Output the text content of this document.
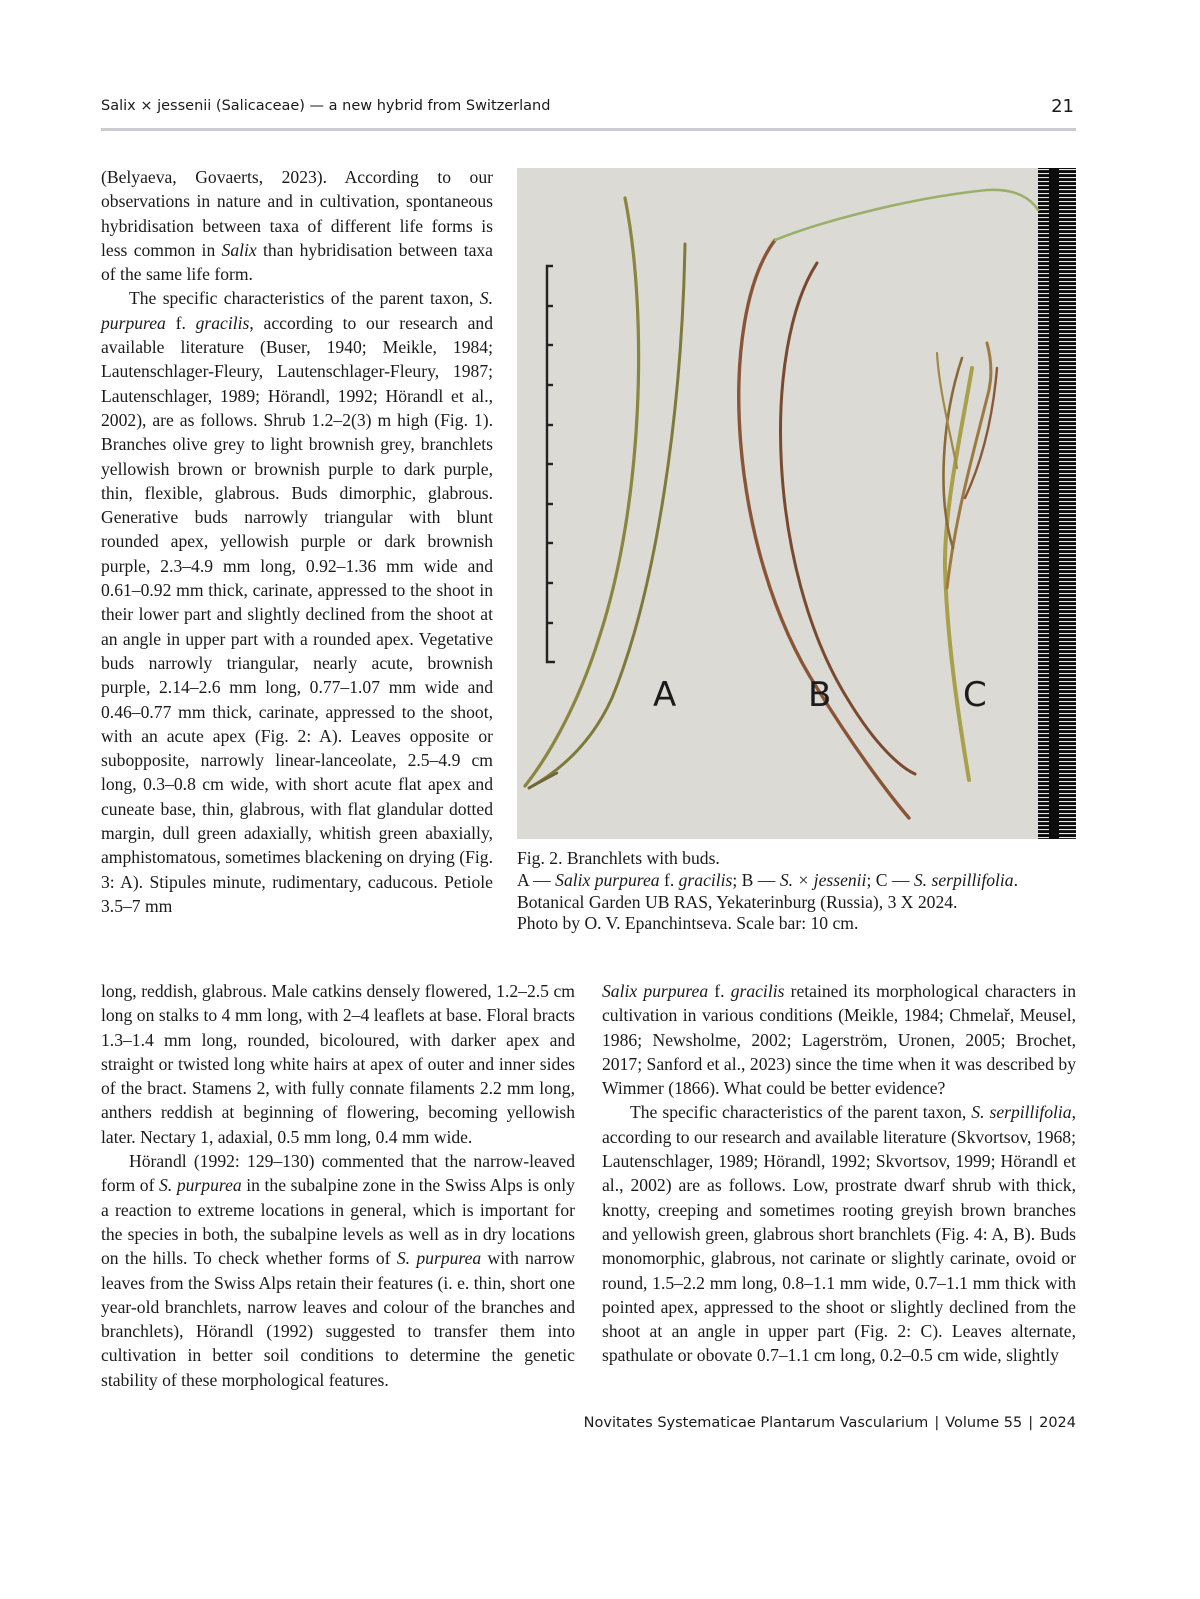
Salix × jessenii (Salicaceae) — a new hybrid from Switzerland	21

(Belyaeva, Govaerts, 2023). According to our observations in nature and in cultivation, spontaneous hybridisation between taxa of different life forms is less common in Salix than hybridisation between taxa of the same life form.

The specific characteristics of the parent taxon, S. purpurea f. gracilis, according to our research and available literature (Buser, 1940; Meikle, 1984; Lautenschlager-Fleury, Lautenschlager-Fleury, 1987; Lautenschlager, 1989; Hörandl, 1992; Hörandl et al., 2002), are as follows. Shrub 1.2–2(3) m high (Fig. 1). Branches olive grey to light brownish grey, branchlets yellowish brown or brownish purple to dark purple, thin, flexible, glabrous. Buds dimorphic, glabrous. Generative buds narrowly triangular with blunt rounded apex, yellowish purple or dark brownish purple, 2.3–4.9 mm long, 0.92–1.36 mm wide and 0.61–0.92 mm thick, carinate, appressed to the shoot in their lower part and slightly declined from the shoot at an angle in upper part with a rounded apex. Vegetative buds narrowly triangular, nearly acute, brownish purple, 2.14–2.6 mm long, 0.77–1.07 mm wide and 0.46–0.77 mm thick, carinate, appressed to the shoot, with an acute apex (Fig. 2: A). Leaves opposite or subopposite, narrowly linear-lanceolate, 2.5–4.9 cm long, 0.3–0.8 cm wide, with short acute flat apex and cuneate base, thin, glabrous, with flat glandular dotted margin, dull green adaxially, whitish green abaxially, amphistomatous, sometimes blackening on drying (Fig. 3: A). Stipules minute, rudimentary, caducous. Petiole 3.5–7 mm

A	B	C
Fig. 2. Branchlets with buds.
A — Salix purpurea f. gracilis; B — S. × jessenii; C — S. serpillifolia.
Botanical Garden UB RAS, Yekaterinburg (Russia), 3 X 2024.
Photo by O. V. Epanchintseva. Scale bar: 10 cm.

long, reddish, glabrous. Male catkins densely flowered, 1.2–2.5 cm long on stalks to 4 mm long, with 2–4 leaflets at base. Floral bracts 1.3–1.4 mm long, rounded, bicoloured, with darker apex and straight or twisted long white hairs at apex of outer and inner sides of the bract. Stamens 2, with fully connate filaments 2.2 mm long, anthers reddish at beginning of flowering, becoming yellowish later. Nectary 1, adaxial, 0.5 mm long, 0.4 mm wide.

Hörandl (1992: 129–130) commented that the narrow-leaved form of S. purpurea in the subalpine zone in the Swiss Alps is only a reaction to extreme locations in general, which is important for the species in both, the subalpine levels as well as in dry locations on the hills. To check whether forms of S. purpurea with narrow leaves from the Swiss Alps retain their features (i. e. thin, short one year-old branchlets, narrow leaves and colour of the branches and branchlets), Hörandl (1992) suggested to transfer them into cultivation in better soil conditions to determine the genetic stability of these morphological features.

Salix purpurea f. gracilis retained its morphological characters in cultivation in various conditions (Meikle, 1984; Chmelař, Meusel, 1986; Newsholme, 2002; Lagerström, Uronen, 2005; Brochet, 2017; Sanford et al., 2023) since the time when it was described by Wimmer (1866). What could be better evidence?

The specific characteristics of the parent taxon, S. serpillifolia, according to our research and available literature (Skvortsov, 1968; Lautenschlager, 1989; Hörandl, 1992; Skvortsov, 1999; Hörandl et al., 2002) are as follows. Low, prostrate dwarf shrub with thick, knotty, creeping and sometimes rooting greyish brown branches and yellowish green, glabrous short branchlets (Fig. 4: A, B). Buds monomorphic, glabrous, not carinate or slightly carinate, ovoid or round, 1.5–2.2 mm long, 0.8–1.1 mm wide, 0.7–1.1 mm thick with pointed apex, appressed to the shoot or slightly declined from the shoot at an angle in upper part (Fig. 2: C). Leaves alternate, spathulate or obovate 0.7–1.1 cm long, 0.2–0.5 cm wide, slightly

Novitates Systematicae Plantarum Vascularium | Volume 55 | 2024
